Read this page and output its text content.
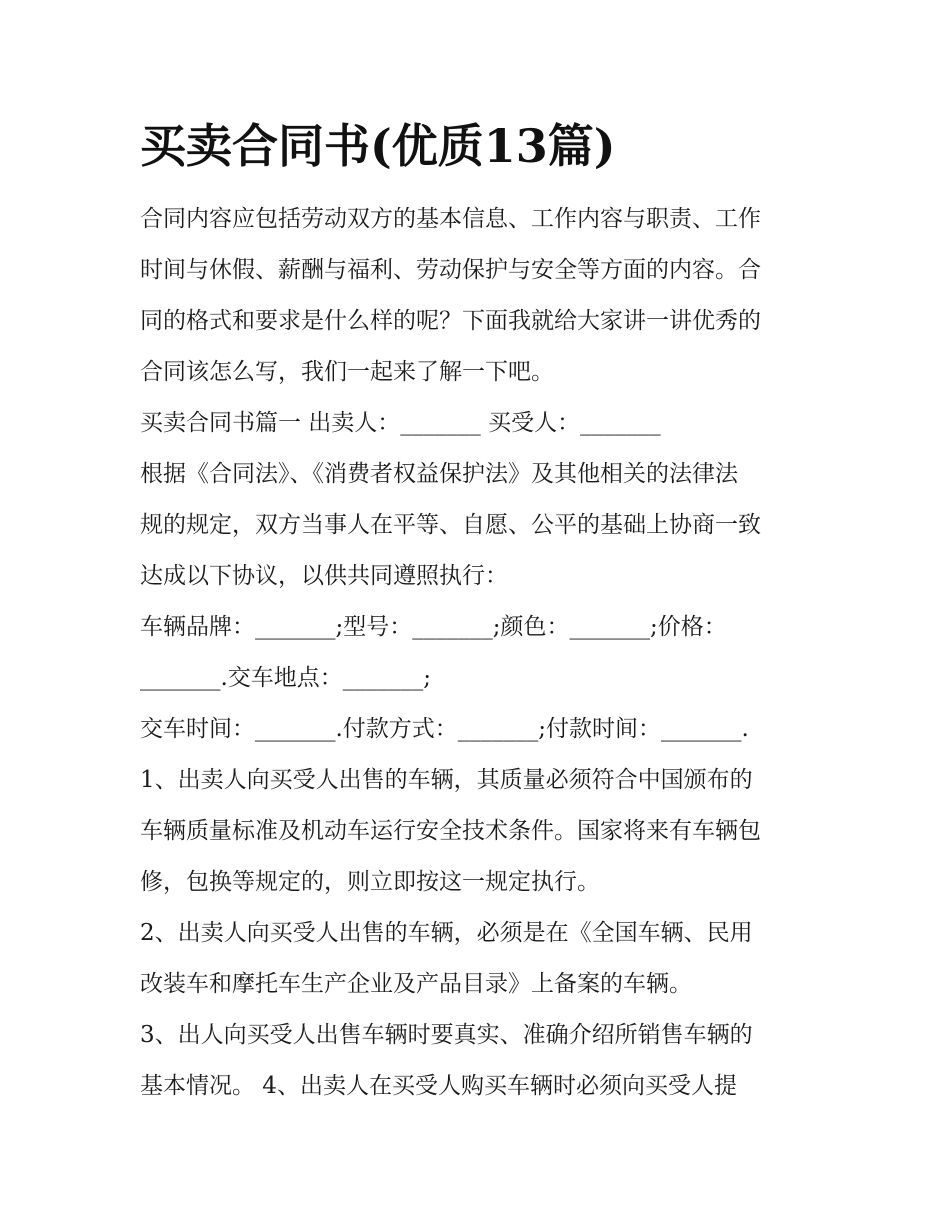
买卖合同书(优质13篇)

合同内容应包括劳动双方的基本信息、工作内容与职责、工作

时间与休假、薪酬与福利、劳动保护与安全等方面的内容。合

同的格式和要求是什么样的呢？下面我就给大家讲一讲优秀的

合同该怎么写，我们一起来了解一下吧。

买卖合同书篇一 出卖人：_______ 买受人：_______

根据《合同法》、《消费者权益保护法》及其他相关的法律法

规的规定，双方当事人在平等、自愿、公平的基础上协商一致

达成以下协议，以供共同遵照执行：

车辆品牌：_______;型号：_______;颜色：_______;价格：

_______.交车地点：_______;

交车时间：_______.付款方式：_______;付款时间：_______.

1、出卖人向买受人出售的车辆，其质量必须符合中国颁布的

车辆质量标准及机动车运行安全技术条件。国家将来有车辆包

修，包换等规定的，则立即按这一规定执行。

2、出卖人向买受人出售的车辆，必须是在《全国车辆、民用

改装车和摩托车生产企业及产品目录》上备案的车辆。

3、出人向买受人出售车辆时要真实、准确介绍所销售车辆的

基本情况。 4、出卖人在买受人购买车辆时必须向买受人提
